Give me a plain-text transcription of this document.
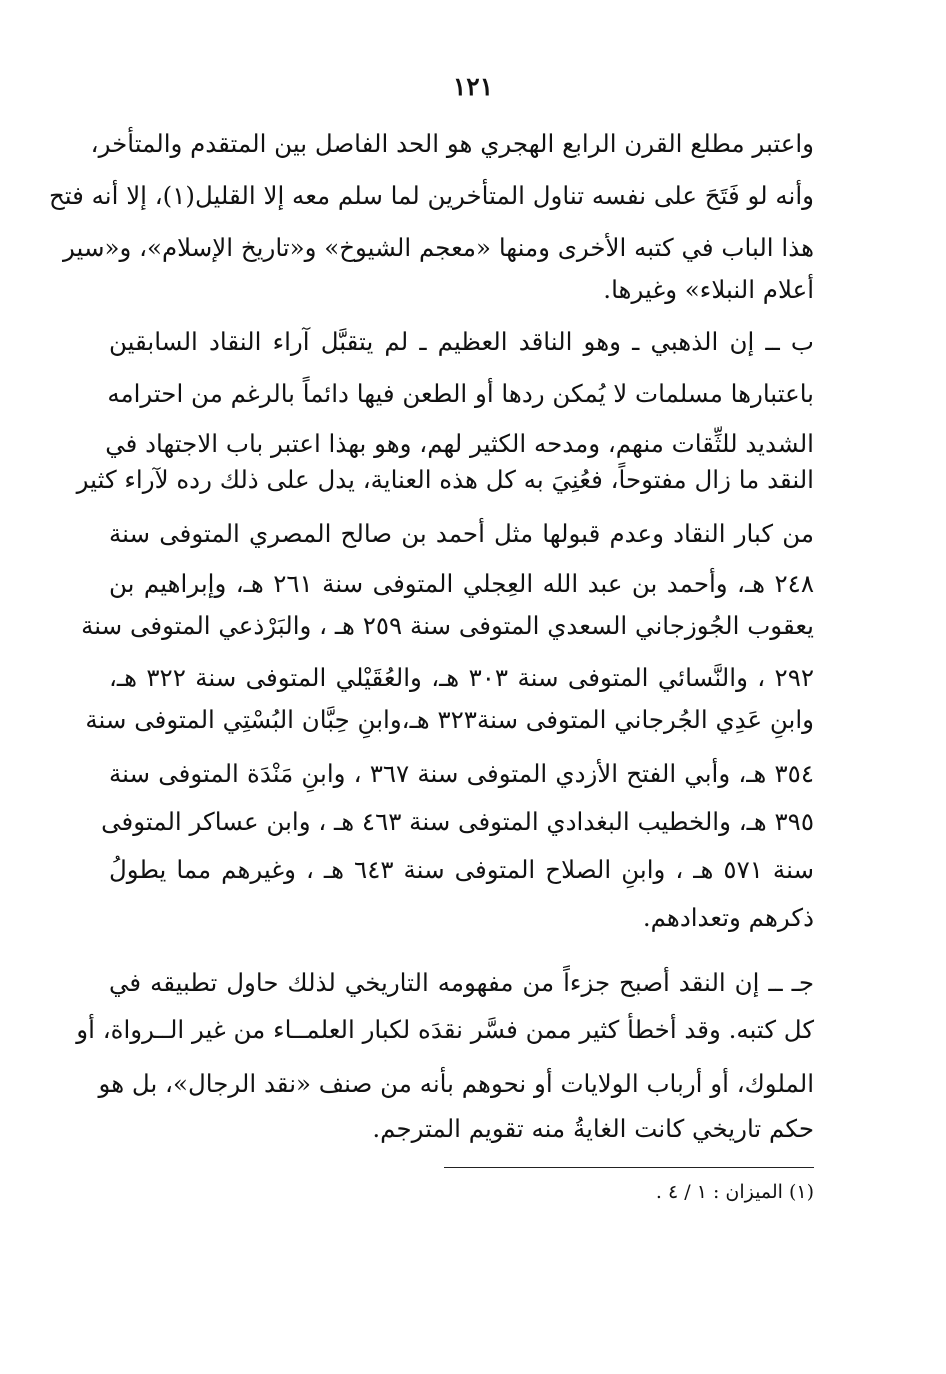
١٢١
واعتبر مطلع القرن الرابع الهجري هو الحد الفاصل بين المتقدم والمتأخر،
وأنه لو فَتَحَ على نفسه تناول المتأخرين لما سلم معه إلا القليل(١)، إلا أنه فتح
هذا الباب في كتبه الأخرى ومنها «معجم الشيوخ» و«تاريخ الإسلام»، و«سير
أعلام النبلاء» وغيرها.
ب ــ إن الذهبي ـ وهو الناقد العظيم ـ لم يتقبَّل آراء النقاد السابقين
باعتبارها مسلمات لا يُمكن ردها أو الطعن فيها دائماً بالرغم من احترامه
الشديد للثِّقات منهم، ومدحه الكثير لهم، وهو بهذا اعتبر باب الاجتهاد في
النقد ما زال مفتوحاً، فعُنِيَ به كل هذه العناية، يدل على ذلك رده لآراء كثير
من كبار النقاد وعدم قبولها مثل أحمد بن صالح المصري المتوفى سنة
٢٤٨ هـ، وأحمد بن عبد الله العِجلي المتوفى سنة ٢٦١ هـ، وإبراهيم بن
يعقوب الجُوزجاني السعدي المتوفى سنة ٢٥٩ هـ ، والبَرْذعي المتوفى سنة
٢٩٢ ، والنَّسائي المتوفى سنة ٣٠٣ هـ، والعُقَيْلي المتوفى سنة ٣٢٢ هـ،
وابنِ عَدِي الجُرجاني المتوفى سنة٣٢٣ هـ،وابنِ حِبَّان البُسْتِي المتوفى سنة
٣٥٤ هـ، وأبي الفتح الأزدي المتوفى سنة ٣٦٧ ، وابنِ مَنْدَة المتوفى سنة
٣٩٥ هـ، والخطيب البغدادي المتوفى سنة ٤٦٣ هـ ، وابن عساكر المتوفى
سنة ٥٧١ هـ ، وابنِ الصلاح المتوفى سنة ٦٤٣ هـ ، وغيرهم مما يطولُ
ذكرهم وتعدادهم.
جـ ــ إن النقد أصبح جزءاً من مفهومه التاريخي لذلك حاول تطبيقه في
كل كتبه. وقد أخطأ كثير ممن فسَّر نقدَه لكبار العلمــاء من غير الــرواة، أو
الملوك، أو أرباب الولايات أو نحوهم بأنه من صنف «نقد الرجال»، بل هو
حكم تاريخي كانت الغايةُ منه تقويم المترجم.
(١) الميزان : ١ / ٤ .
